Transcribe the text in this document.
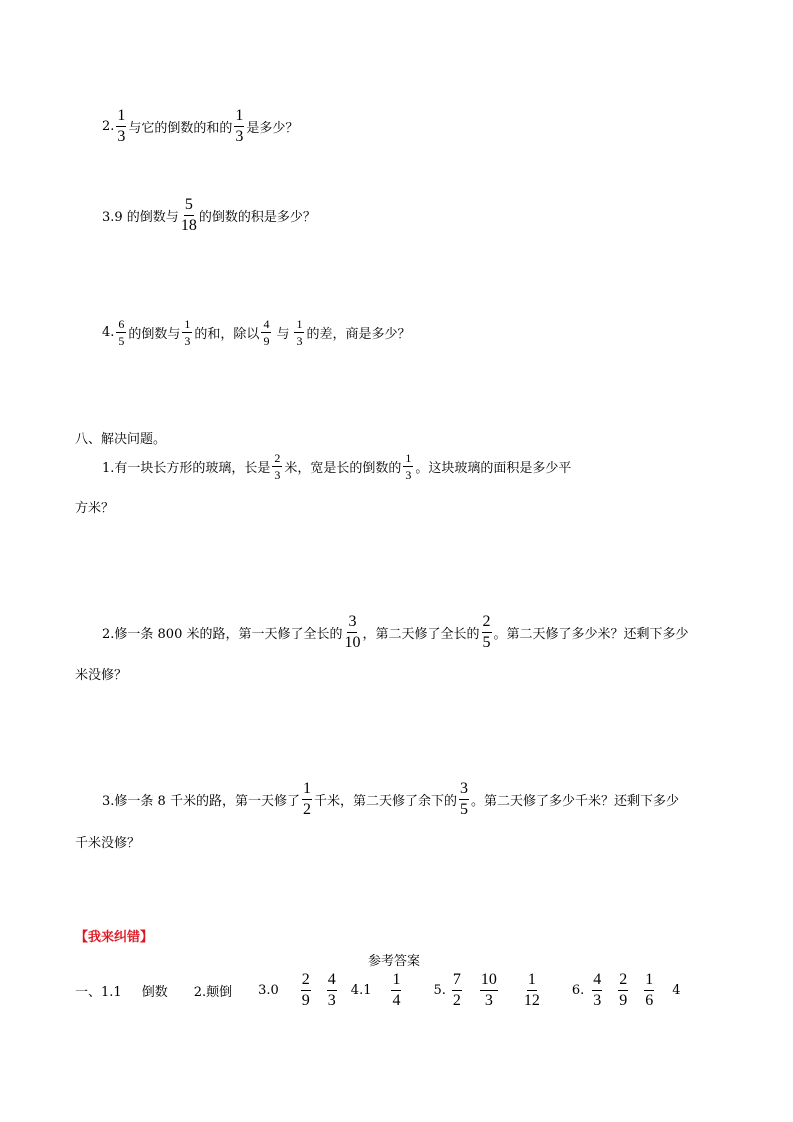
2. $\frac{1}{3}$ 与它的倒数的和的 $\frac{1}{3}$ 是多少？
3.9 的倒数与 $\frac{5}{18}$ 的倒数的积是多少？
4. $\frac{6}{5}$ 的倒数与 $\frac{1}{3}$ 的和，除以 $\frac{4}{9}$ 与 $\frac{1}{3}$ 的差，商是多少？
八、解决问题。
1.有一块长方形的玻璃，长是 $\frac{2}{3}$ 米，宽是长的倒数的 $\frac{1}{3}$ 。这块玻璃的面积是多少平
方米？
2.修一条 800 米的路，第一天修了全长的 $\frac{3}{10}$ ，第二天修了全长的 $\frac{2}{5}$ 。第二天修了多少米？还剩下多少
米没修？
3.修一条 8 千米的路，第一天修了 $\frac{1}{2}$ 千米，第二天修了余下的 $\frac{3}{5}$ 。第二天修了多少千米？还剩下多少
千米没修？
【我来纠错】
参考答案
一、1.1 倒数 2.颠倒 $3.0 \frac{2}{9} \frac{4}{3} 4.1 \frac{1}{4} 5$. $\frac{7}{2} \frac{10}{3} \frac{1}{12} 6$. $\frac{4}{3} \frac{2}{9} \frac{1}{6} 4$
